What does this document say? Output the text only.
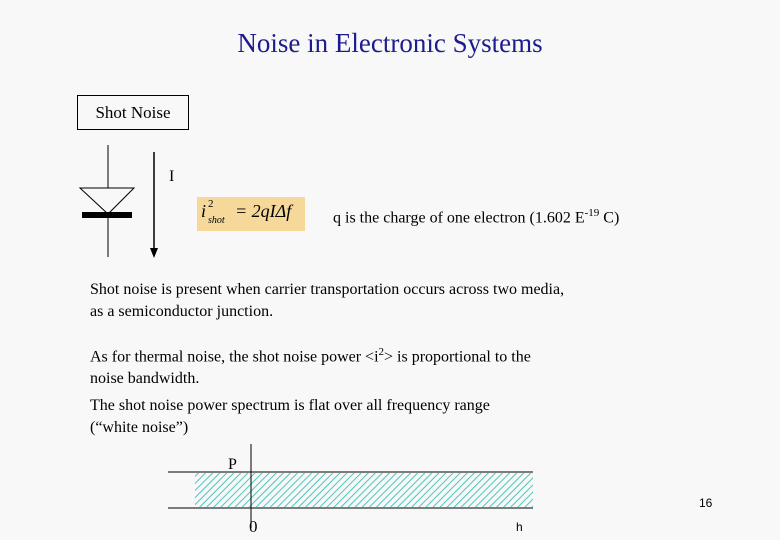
Noise in Electronic Systems
Shot Noise
I
i 2
shot = 2qIΔf	q is the charge of one electron (1.602 $E^{-19}$ C)
Shot noise is present when carrier transportation occurs across two media,
as a semiconductor junction.
As for thermal noise, the shot noise power $<i^2>$ is proportional to the
noise bandwidth.
The shot noise power spectrum is flat over all frequency range
(“white noise”)
P
0	h
16
